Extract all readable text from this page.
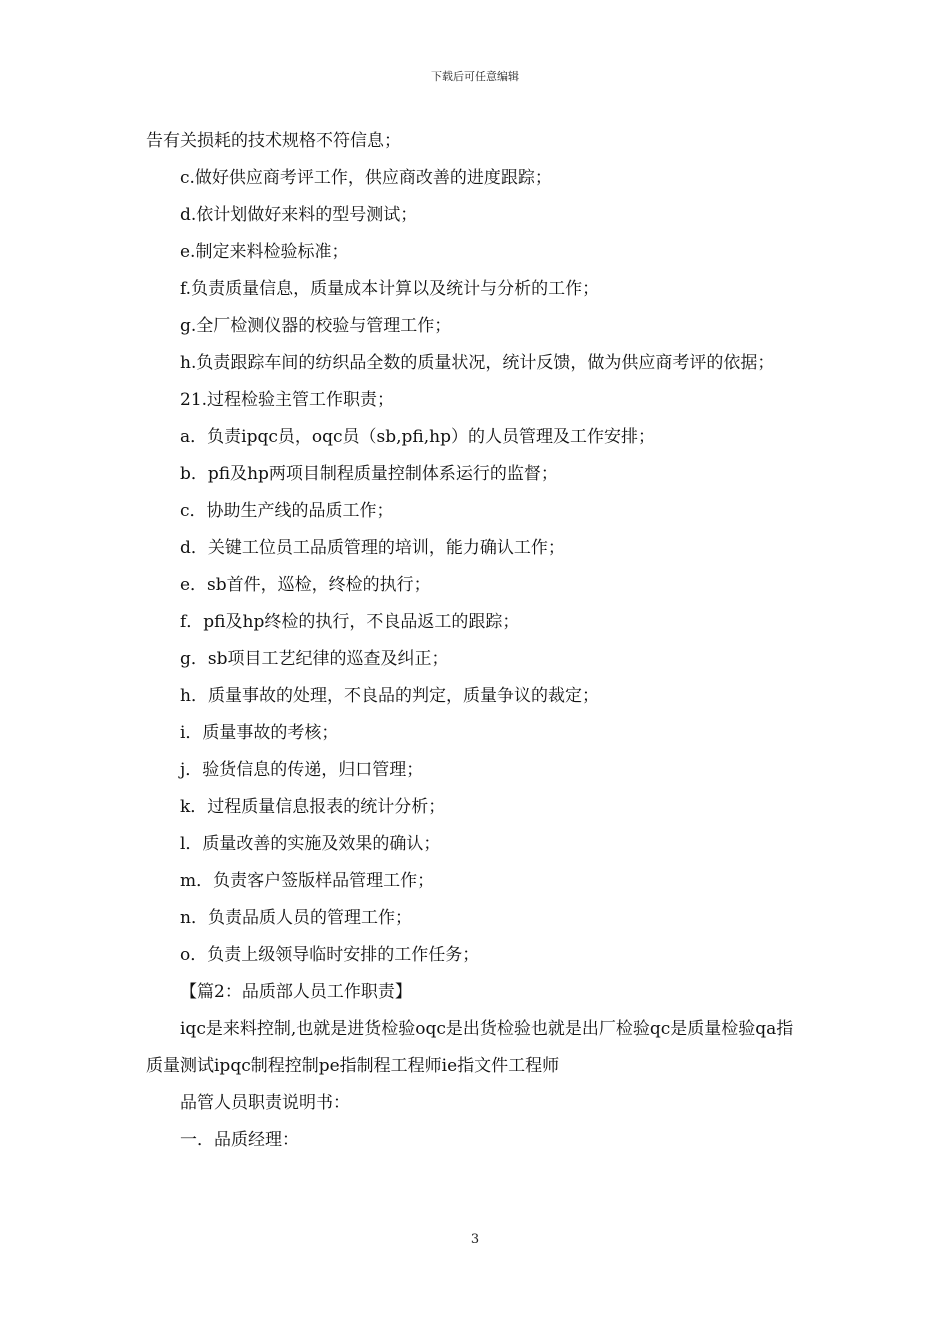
下载后可任意编辑

告有关损耗的技术规格不符信息；

c.做好供应商考评工作，供应商改善的进度跟踪；

d.依计划做好来料的型号测试；

e.制定来料检验标准；

f.负责质量信息，质量成本计算以及统计与分析的工作；

g.全厂检测仪器的校验与管理工作；

h.负责跟踪车间的纺织品全数的质量状况，统计反馈，做为供应商考评的依据；

21.过程检验主管工作职责；

a．负责ipqc员，oqc员（sb,pfi,hp）的人员管理及工作安排；

b．pfi及hp两项目制程质量控制体系运行的监督；

c．协助生产线的品质工作；

d．关键工位员工品质管理的培训，能力确认工作；

e．sb首件，巡检，终检的执行；

f．pfi及hp终检的执行，不良品返工的跟踪；

g．sb项目工艺纪律的巡查及纠正；

h．质量事故的处理，不良品的判定，质量争议的裁定；

i．质量事故的考核；

j．验货信息的传递，归口管理；

k．过程质量信息报表的统计分析；

l．质量改善的实施及效果的确认；

m．负责客户签版样品管理工作；

n．负责品质人员的管理工作；

o．负责上级领导临时安排的工作任务；

【篇2：品质部人员工作职责】

iqc是来料控制,也就是进货检验oqc是出货检验也就是出厂检验qc是质量检验qa指质量测试ipqc制程控制pe指制程工程师ie指文件工程师

品管人员职责说明书：

一．品质经理：

3
